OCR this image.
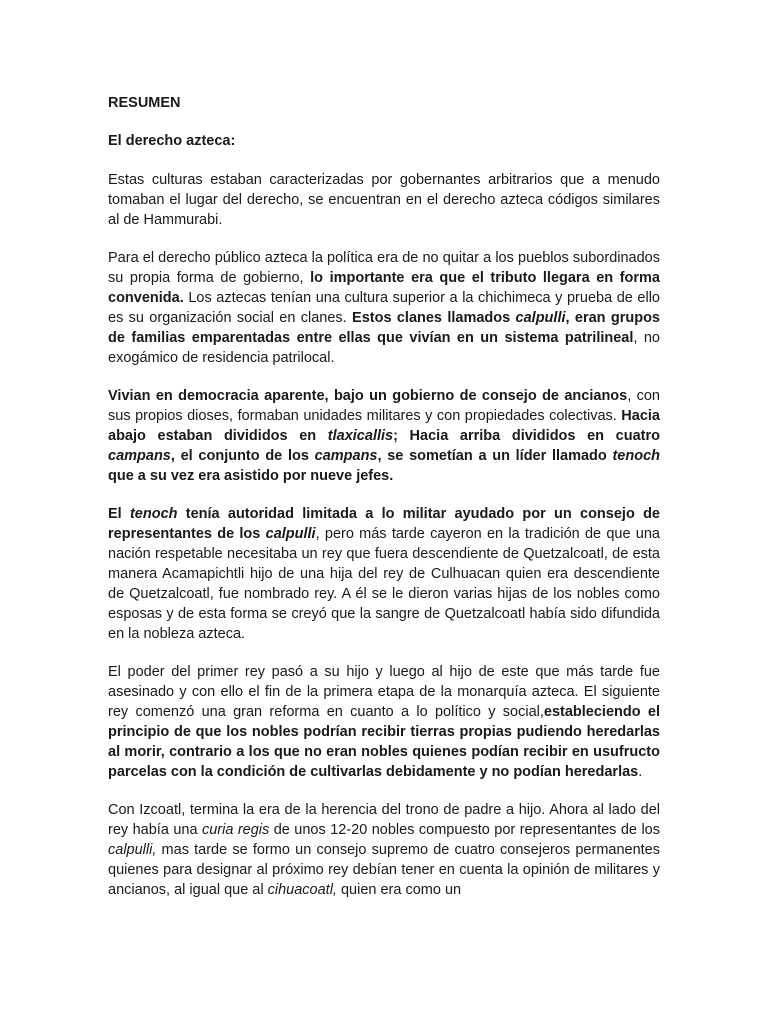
RESUMEN
El derecho azteca:

Estas culturas estaban caracterizadas por gobernantes arbitrarios que a menudo tomaban el lugar del derecho, se encuentran en el derecho azteca códigos similares al de Hammurabi.

Para el derecho público azteca la política era de no quitar a los pueblos subordinados su propia forma de gobierno, lo importante era que el tributo llegara en forma convenida. Los aztecas tenían una cultura superior a la chichimeca y prueba de ello es su organización social en clanes. Estos clanes llamados calpulli, eran grupos de familias emparentadas entre ellas que vivían en un sistema patrilineal, no exogámico de residencia patrilocal.

Vivian en democracia aparente, bajo un gobierno de consejo de ancianos, con sus propios dioses, formaban unidades militares y con propiedades colectivas. Hacia abajo estaban divididos en tlaxicallis; Hacia arriba divididos en cuatro campans, el conjunto de los campans, se sometían a un líder llamado tenoch que a su vez era asistido por nueve jefes.

El tenoch tenía autoridad limitada a lo militar ayudado por un consejo de representantes de los calpulli, pero más tarde cayeron en la tradición de que una nación respetable necesitaba un rey que fuera descendiente de Quetzalcoatl, de esta manera Acamapichtli hijo de una hija del rey de Culhuacan quien era descendiente de Quetzalcoatl, fue nombrado rey. A él se le dieron varias hijas de los nobles como esposas y de esta forma se creyó que la sangre de Quetzalcoatl había sido difundida en la nobleza azteca.

El poder del primer rey pasó a su hijo y luego al hijo de este que más tarde fue asesinado y con ello el fin de la primera etapa de la monarquía azteca. El siguiente rey comenzó una gran reforma en cuanto a lo político y social,estableciendo el principio de que los nobles podrían recibir tierras propias pudiendo heredarlas al morir, contrario a los que no eran nobles quienes podían recibir en usufructo parcelas con la condición de cultivarlas debidamente y no podían heredarlas.

Con Izcoatl, termina la era de la herencia del trono de padre a hijo. Ahora al lado del rey había una curia regis de unos 12-20 nobles compuesto por representantes de los calpulli, mas tarde se formo un consejo supremo de cuatro consejeros permanentes quienes para designar al próximo rey debían tener en cuenta la opinión de militares y ancianos, al igual que al cihuacoatl, quien era como un
